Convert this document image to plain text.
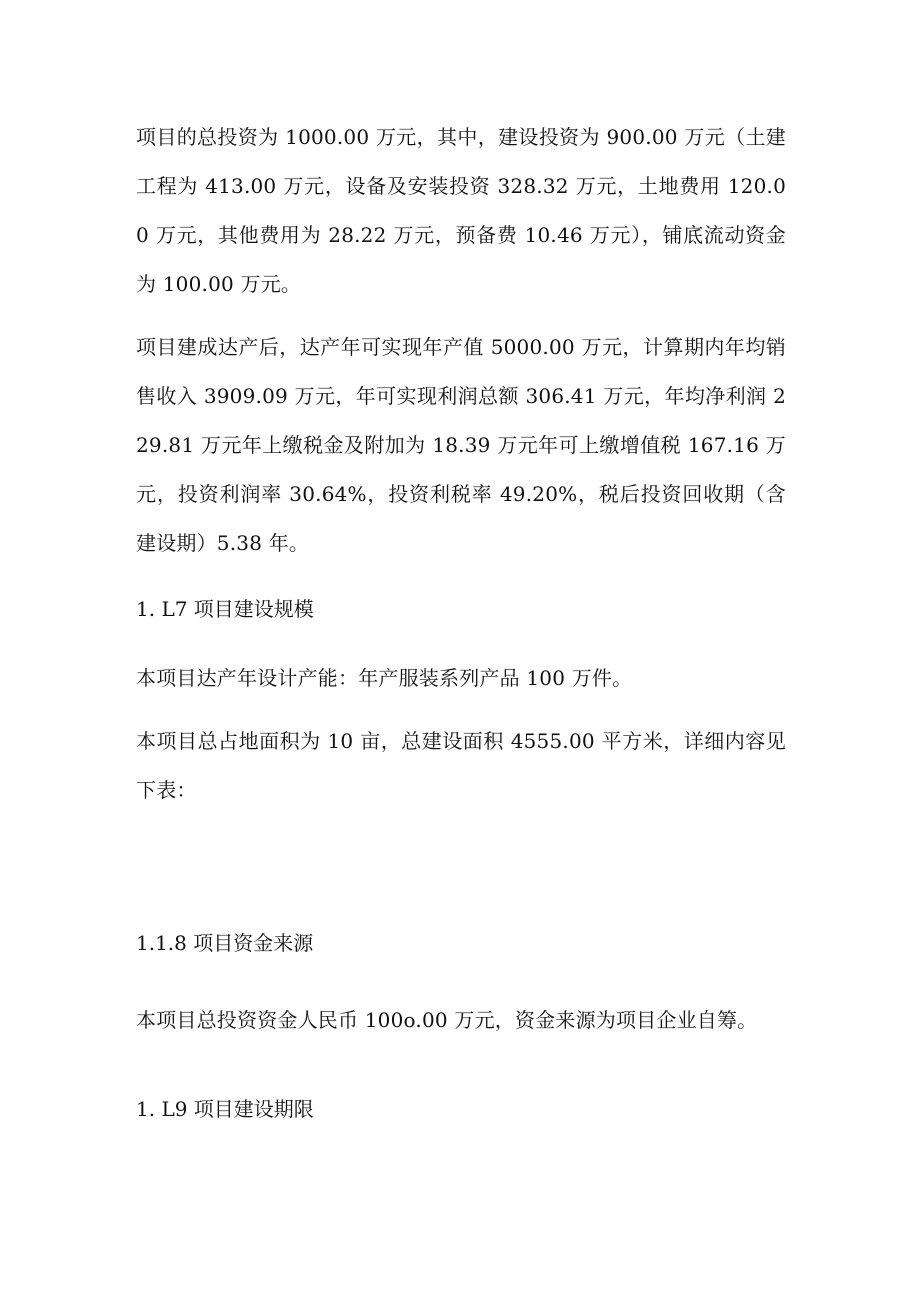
项目的总投资为 1000.00 万元，其中，建设投资为 900.00 万元（土建工程为 413.00 万元，设备及安装投资 328.32 万元，土地费用 120.00 万元，其他费用为 28.22 万元，预备费 10.46 万元），铺底流动资金为 100.00 万元。

项目建成达产后，达产年可实现年产值 5000.00 万元，计算期内年均销售收入 3909.09 万元，年可实现利润总额 306.41 万元，年均净利润 229.81 万元年上缴税金及附加为 18.39 万元年可上缴增值税 167.16 万元，投资利润率 30.64%，投资利税率 49.20%，税后投资回收期（含建设期）5.38 年。

1. L7 项目建设规模

本项目达产年设计产能：年产服装系列产品 100 万件。

本项目总占地面积为 10 亩，总建设面积 4555.00 平方米，详细内容见下表：

1.1.8 项目资金来源

本项目总投资资金人民币 100o.00 万元，资金来源为项目企业自筹。

1. L9 项目建设期限
